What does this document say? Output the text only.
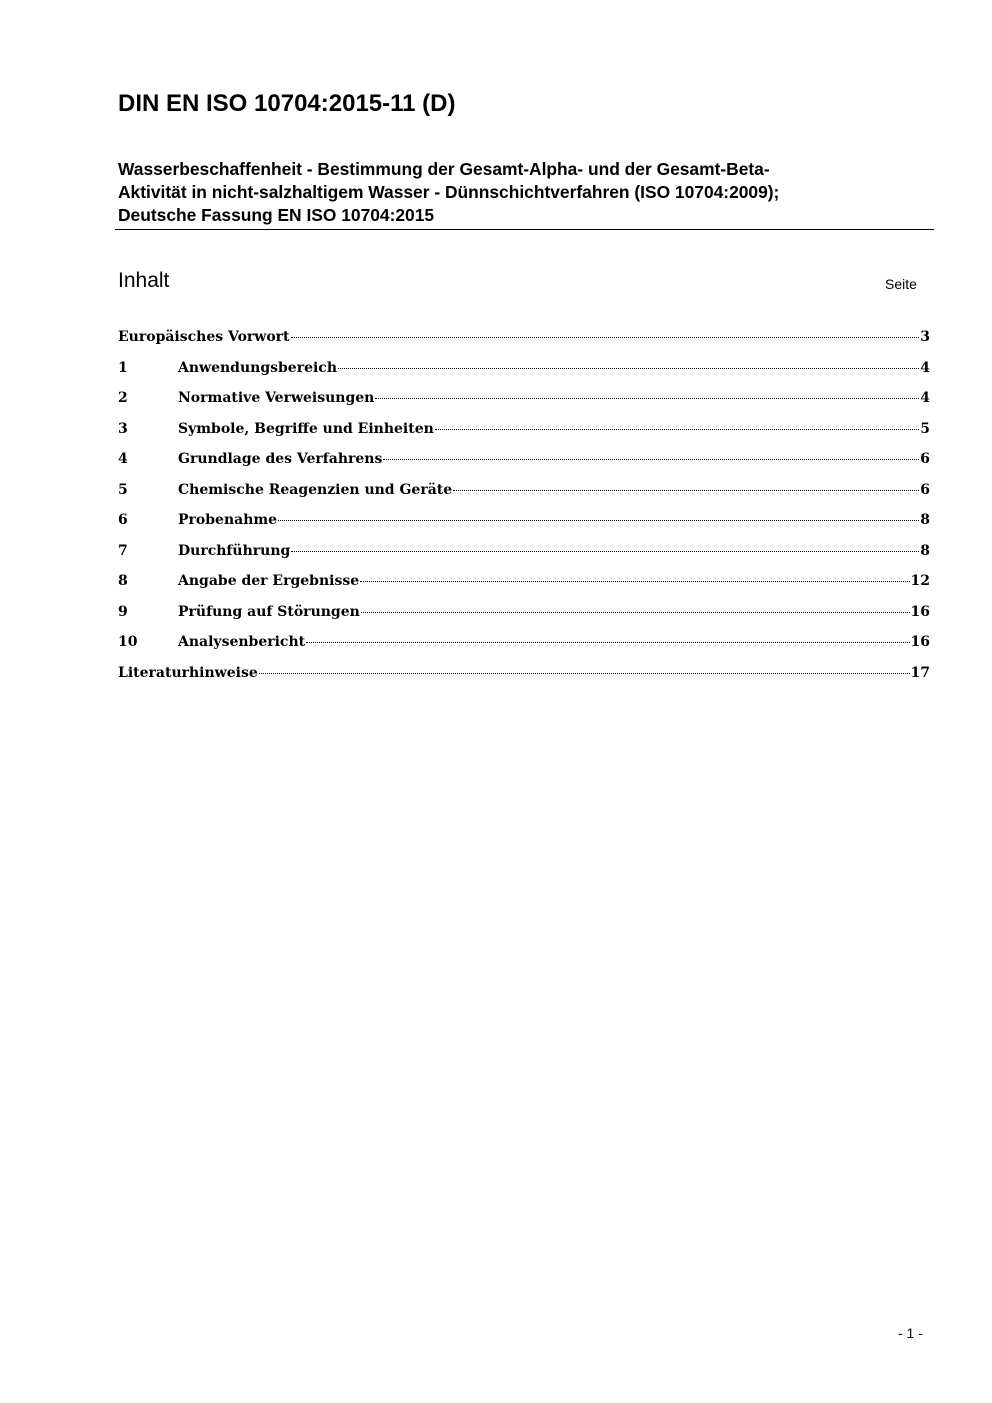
DIN EN ISO 10704:2015-11 (D)
Wasserbeschaffenheit - Bestimmung der Gesamt-Alpha- und der Gesamt-Beta-
Aktivität in nicht-salzhaltigem Wasser - Dünnschichtverfahren (ISO 10704:2009);
Deutsche Fassung EN ISO 10704:2015
Inhalt	Seite
Europäisches Vorwort	3
1	Anwendungsbereich	4
2	Normative Verweisungen	4
3	Symbole, Begriffe und Einheiten	5
4	Grundlage des Verfahrens	6
5	Chemische Reagenzien und Geräte	6
6	Probenahme	8
7	Durchführung	8
8	Angabe der Ergebnisse	12
9	Prüfung auf Störungen	16
10	Analysenbericht	16
Literaturhinweise	17
- 1 -
